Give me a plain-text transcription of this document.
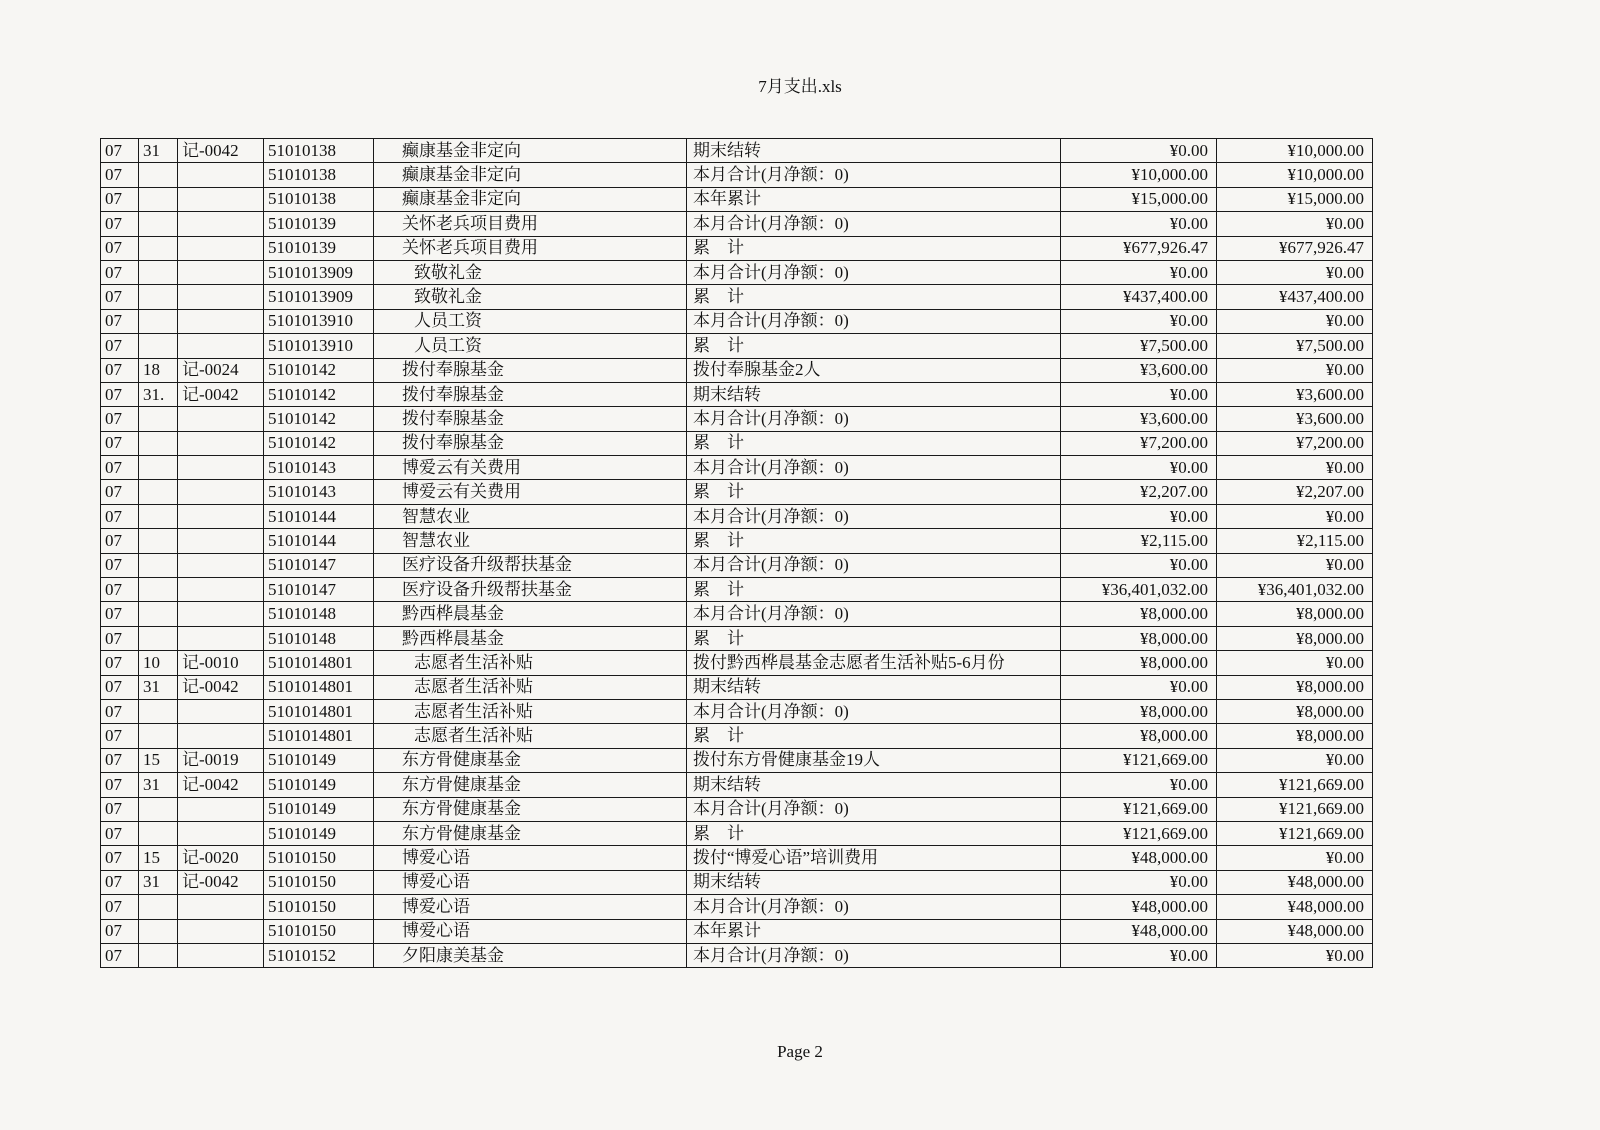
7月支出.xls
07	31	记-0042	51010138	癫康基金非定向	期末结转	¥0.00	¥10,000.00
07			51010138	癫康基金非定向	本月合计(月净额：0)	¥10,000.00	¥10,000.00
07			51010138	癫康基金非定向	本年累计	¥15,000.00	¥15,000.00
07			51010139	关怀老兵项目费用	本月合计(月净额：0)	¥0.00	¥0.00
07			51010139	关怀老兵项目费用	累　计	¥677,926.47	¥677,926.47
07			5101013909	致敬礼金	本月合计(月净额：0)	¥0.00	¥0.00
07			5101013909	致敬礼金	累　计	¥437,400.00	¥437,400.00
07			5101013910	人员工资	本月合计(月净额：0)	¥0.00	¥0.00
07			5101013910	人员工资	累　计	¥7,500.00	¥7,500.00
07	18	记-0024	51010142	拨付奉腺基金	拨付奉腺基金2人	¥3,600.00	¥0.00
07	31.	记-0042	51010142	拨付奉腺基金	期末结转	¥0.00	¥3,600.00
07			51010142	拨付奉腺基金	本月合计(月净额：0)	¥3,600.00	¥3,600.00
07			51010142	拨付奉腺基金	累　计	¥7,200.00	¥7,200.00
07			51010143	博爱云有关费用	本月合计(月净额：0)	¥0.00	¥0.00
07			51010143	博爱云有关费用	累　计	¥2,207.00	¥2,207.00
07			51010144	智慧农业	本月合计(月净额：0)	¥0.00	¥0.00
07			51010144	智慧农业	累　计	¥2,115.00	¥2,115.00
07			51010147	医疗设备升级帮扶基金	本月合计(月净额：0)	¥0.00	¥0.00
07			51010147	医疗设备升级帮扶基金	累　计	¥36,401,032.00	¥36,401,032.00
07			51010148	黔西桦晨基金	本月合计(月净额：0)	¥8,000.00	¥8,000.00
07			51010148	黔西桦晨基金	累　计	¥8,000.00	¥8,000.00
07	10	记-0010	5101014801	志愿者生活补贴	拨付黔西桦晨基金志愿者生活补贴5-6月份	¥8,000.00	¥0.00
07	31	记-0042	5101014801	志愿者生活补贴	期末结转	¥0.00	¥8,000.00
07			5101014801	志愿者生活补贴	本月合计(月净额：0)	¥8,000.00	¥8,000.00
07			5101014801	志愿者生活补贴	累　计	¥8,000.00	¥8,000.00
07	15	记-0019	51010149	东方骨健康基金	拨付东方骨健康基金19人	¥121,669.00	¥0.00
07	31	记-0042	51010149	东方骨健康基金	期末结转	¥0.00	¥121,669.00
07			51010149	东方骨健康基金	本月合计(月净额：0)	¥121,669.00	¥121,669.00
07			51010149	东方骨健康基金	累　计	¥121,669.00	¥121,669.00
07	15	记-0020	51010150	博爱心语	拨付“博爱心语”培训费用	¥48,000.00	¥0.00
07	31	记-0042	51010150	博爱心语	期末结转	¥0.00	¥48,000.00
07			51010150	博爱心语	本月合计(月净额：0)	¥48,000.00	¥48,000.00
07			51010150	博爱心语	本年累计	¥48,000.00	¥48,000.00
07			51010152	夕阳康美基金	本月合计(月净额：0)	¥0.00	¥0.00
Page 2
